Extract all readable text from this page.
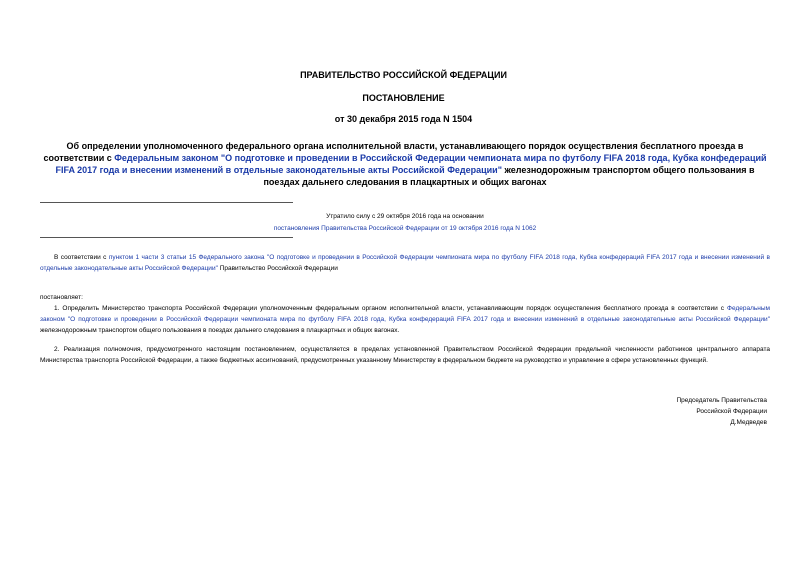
ПРАВИТЕЛЬСТВО РОССИЙСКОЙ ФЕДЕРАЦИИ
ПОСТАНОВЛЕНИЕ
от 30 декабря 2015 года N 1504
Об определении уполномоченного федерального органа исполнительной власти, устанавливающего порядок осуществления бесплатного проезда в соответствии с Федеральным законом "О подготовке и проведении в Российской Федерации чемпионата мира по футболу FIFA 2018 года, Кубка конфедераций FIFA 2017 года и внесении изменений в отдельные законодательные акты Российской Федерации" железнодорожным транспортом общего пользования в поездах дальнего следования в плацкартных и общих вагонах
Утратило силу с 29 октября 2016 года на основании
постановления Правительства Российской Федерации от 19 октября 2016 года N 1062
В соответствии с пунктом 1 части 3 статьи 15 Федерального закона "О подготовке и проведении в Российской Федерации чемпионата мира по футболу FIFA 2018 года, Кубка конфедераций FIFA 2017 года и внесении изменений в отдельные законодательные акты Российской Федерации" Правительство Российской Федерации
постановляет:
1. Определить Министерство транспорта Российской Федерации уполномоченным федеральным органом исполнительной власти, устанавливающим порядок осуществления бесплатного проезда в соответствии с Федеральным законом "О подготовке и проведении в Российской Федерации чемпионата мира по футболу FIFA 2018 года, Кубка конфедераций FIFA 2017 года и внесении изменений в отдельные законодательные акты Российской Федерации" железнодорожным транспортом общего пользования в поездах дальнего следования в плацкартных и общих вагонах.
2. Реализация полномочия, предусмотренного настоящим постановлением, осуществляется в пределах установленной Правительством Российской Федерации предельной численности работников центрального аппарата Министерства транспорта Российской Федерации, а также бюджетных ассигнований, предусмотренных указанному Министерству в федеральном бюджете на руководство и управление в сфере установленных функций.
Председатель Правительства
Российской Федерации
Д.Медведев
